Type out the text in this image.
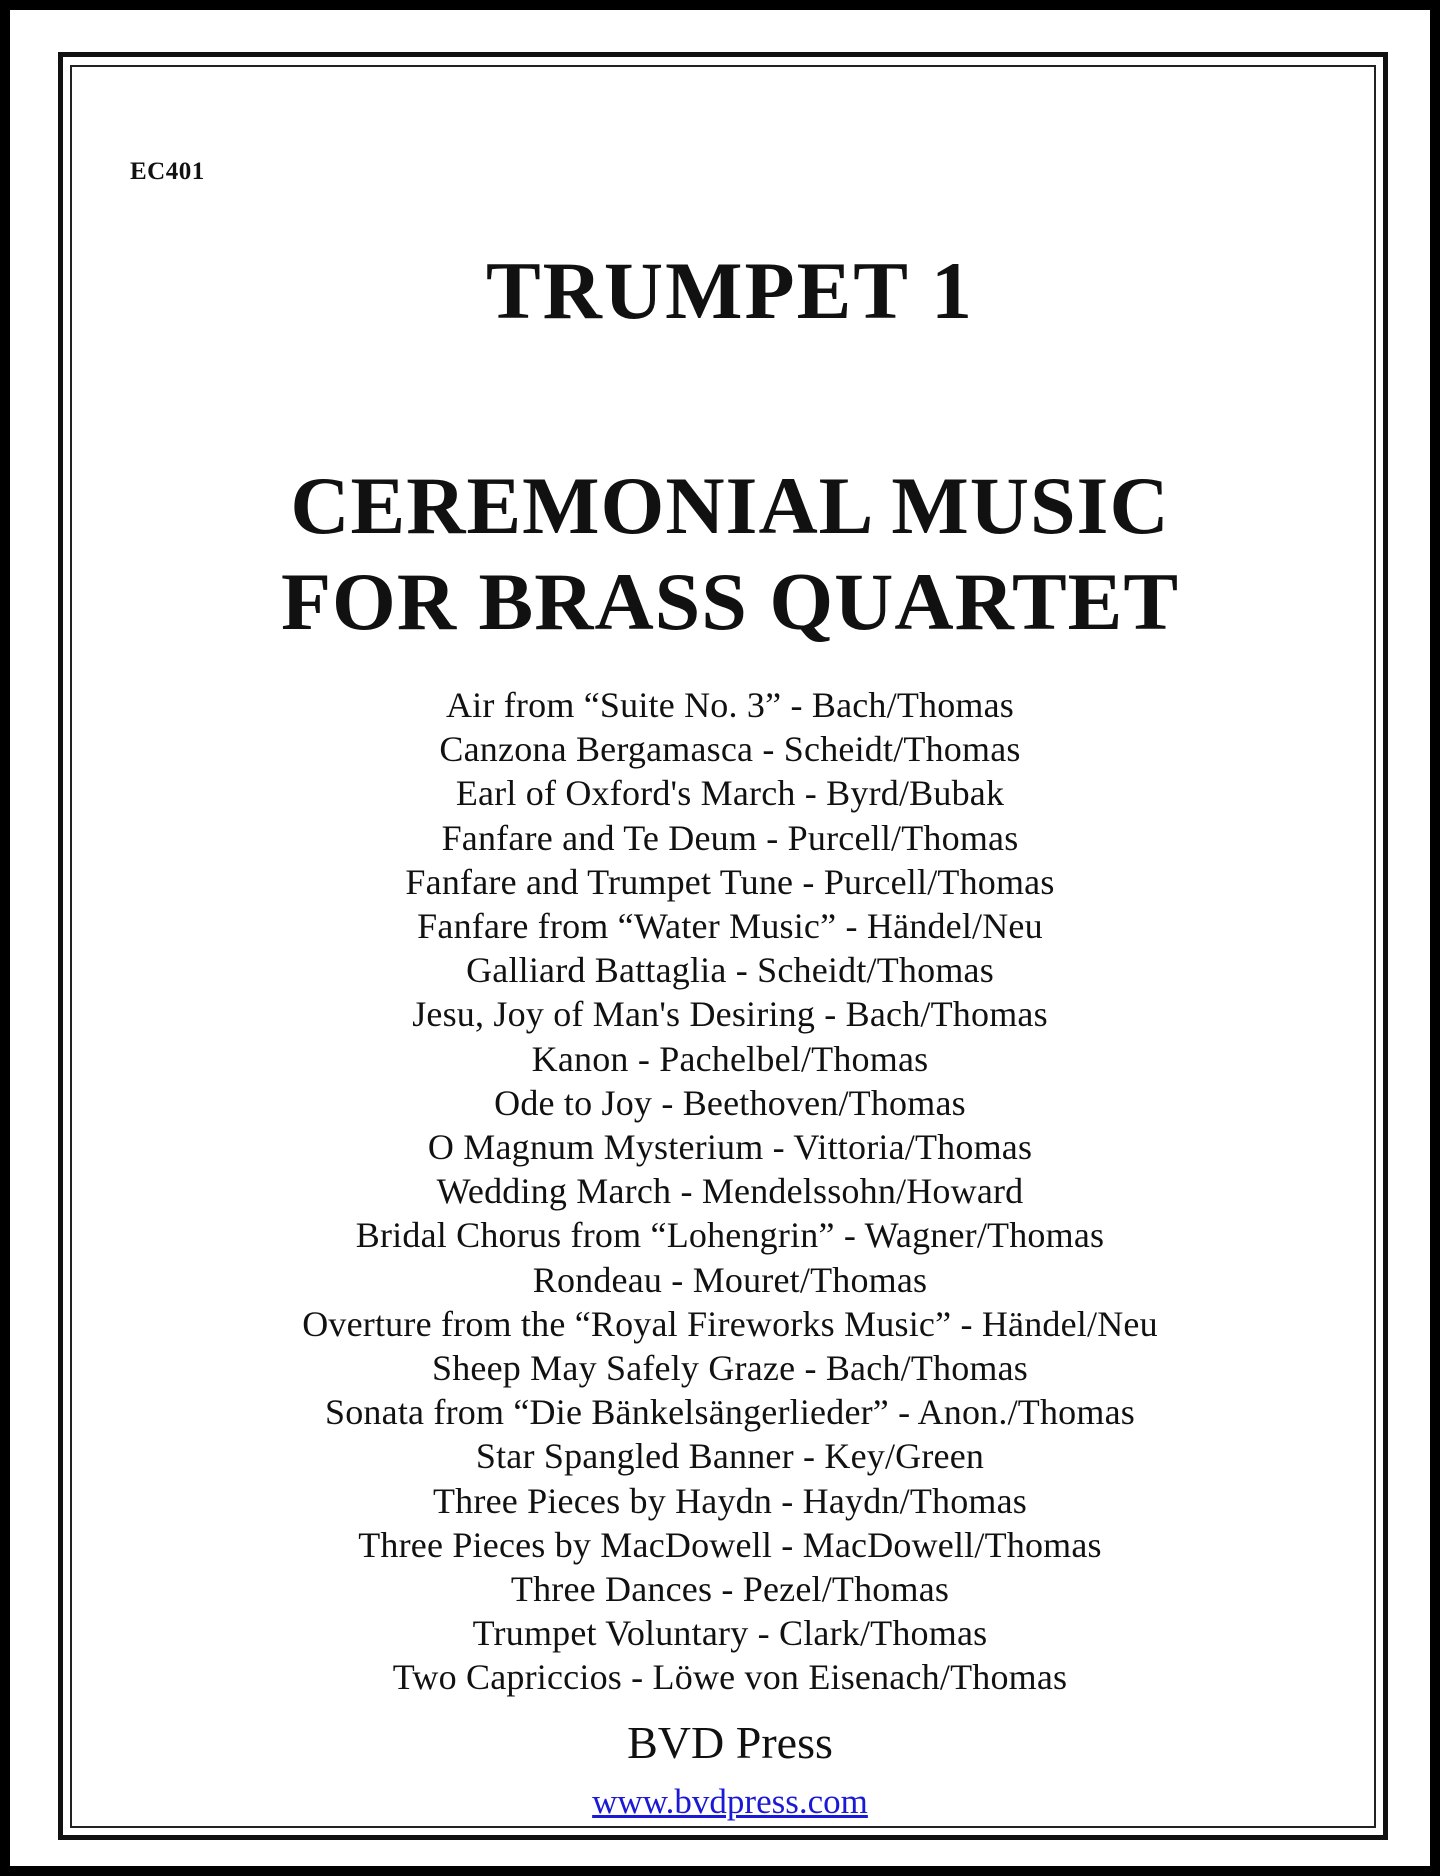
EC401
TRUMPET 1
CEREMONIAL MUSIC
FOR BRASS QUARTET
Air from “Suite No. 3” - Bach/Thomas
Canzona Bergamasca - Scheidt/Thomas
Earl of Oxford's March - Byrd/Bubak
Fanfare and Te Deum - Purcell/Thomas
Fanfare and Trumpet Tune - Purcell/Thomas
Fanfare from “Water Music” - Händel/Neu
Galliard Battaglia - Scheidt/Thomas
Jesu, Joy of Man's Desiring - Bach/Thomas
Kanon - Pachelbel/Thomas
Ode to Joy - Beethoven/Thomas
O Magnum Mysterium - Vittoria/Thomas
Wedding March - Mendelssohn/Howard
Bridal Chorus from “Lohengrin” - Wagner/Thomas
Rondeau - Mouret/Thomas
Overture from the “Royal Fireworks Music” - Händel/Neu
Sheep May Safely Graze - Bach/Thomas
Sonata from “Die Bänkelsängerlieder” - Anon./Thomas
Star Spangled Banner - Key/Green
Three Pieces by Haydn - Haydn/Thomas
Three Pieces by MacDowell - MacDowell/Thomas
Three Dances - Pezel/Thomas
Trumpet Voluntary - Clark/Thomas
Two Capriccios - Löwe von Eisenach/Thomas
BVD Press
www.bvdpress.com
